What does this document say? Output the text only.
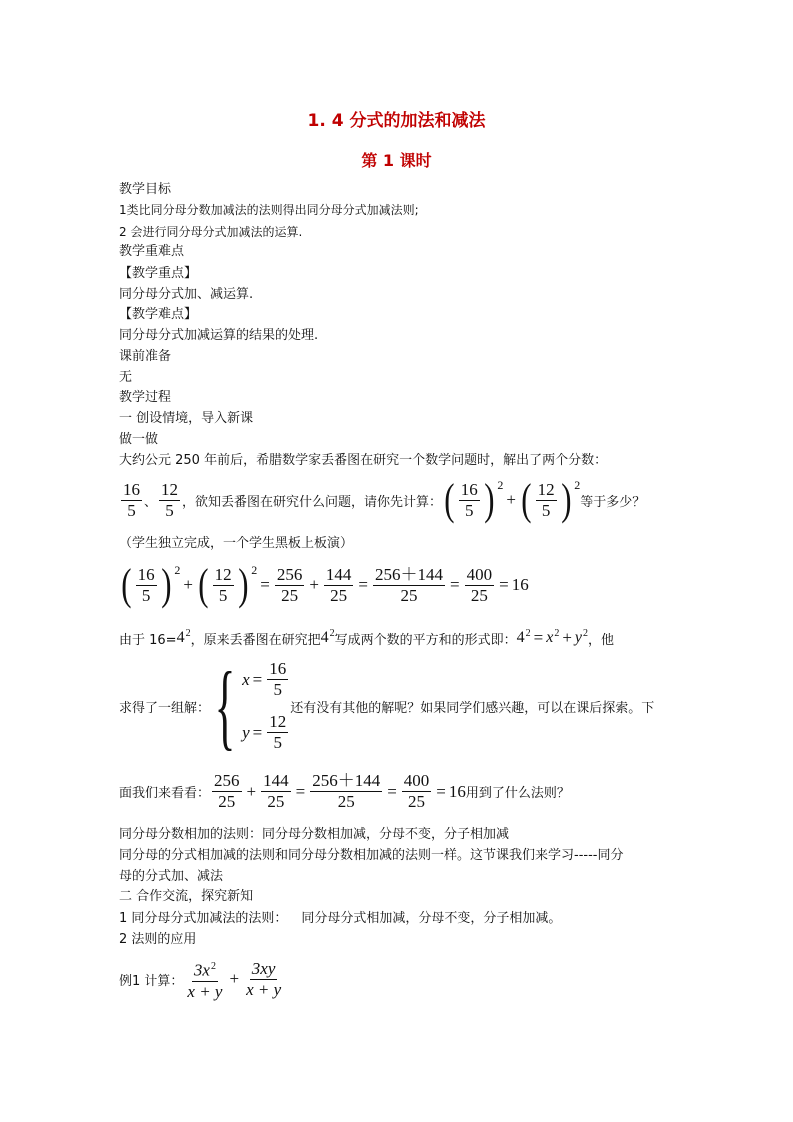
1. 4 分式的加法和减法
第 1 课时
教学目标
1类比同分母分数加减法的法则得出同分母分式加减法则;
2 会进行同分母分式加减法的运算.
教学重难点
【教学重点】
同分母分式加、减运算.
【教学难点】
同分母分式加减运算的结果的处理.
课前准备
无
教学过程
一 创设情境，导入新课
做一做
大约公元 250 年前后，希腊数学家丢番图在研究一个数学问题时，解出了两个分数：
$\frac{16}{5}$ 、 $\frac{12}{5}$ ，欲知丢番图在研究什么问题，请你先计算： ( $\frac{16}{5}$ ) 2
+ ( $\frac{12}{5}$ ) 2
等于多少？
（学生独立完成，一个学生黑板上板演）
( $\frac{16}{5}$ ) 2
+ ( $\frac{12}{5}$ ) 2
= $\frac{256}{25} + \frac{144}{25} = \frac{256+144}{25} = \frac{400}{25} = 16$
由于 16= 4 2 ，原来丢番图在研究把 4 2 写成两个数的平方和的形式即： 4 2 = x 2 + y 2 ，他
求得了一组解： { $x = \frac{16}{5}$
$y = \frac{12}{5}$
还有没有其他的解呢？如果同学们感兴趣，可以在课后探索。下
面我们来看看： $\frac{256}{25} + \frac{144}{25} = \frac{256+144}{25} = \frac{400}{25} = 16$ 用到了什么法则？
同分母分数相加的法则：同分母分数相加减，分母不变，分子相加减
同分母的分式相加减的法则和同分母分数相加减的法则一样。这节课我们来学习-----同分
母的分式加、减法
二 合作交流，探究新知
1 同分母分式加减法的法则： 同分母分式相加减，分母不变，分子相加减。
2 法则的应用
例1 计算： $\frac{3x^2}{x + y} + \frac{3xy}{x + y}$
